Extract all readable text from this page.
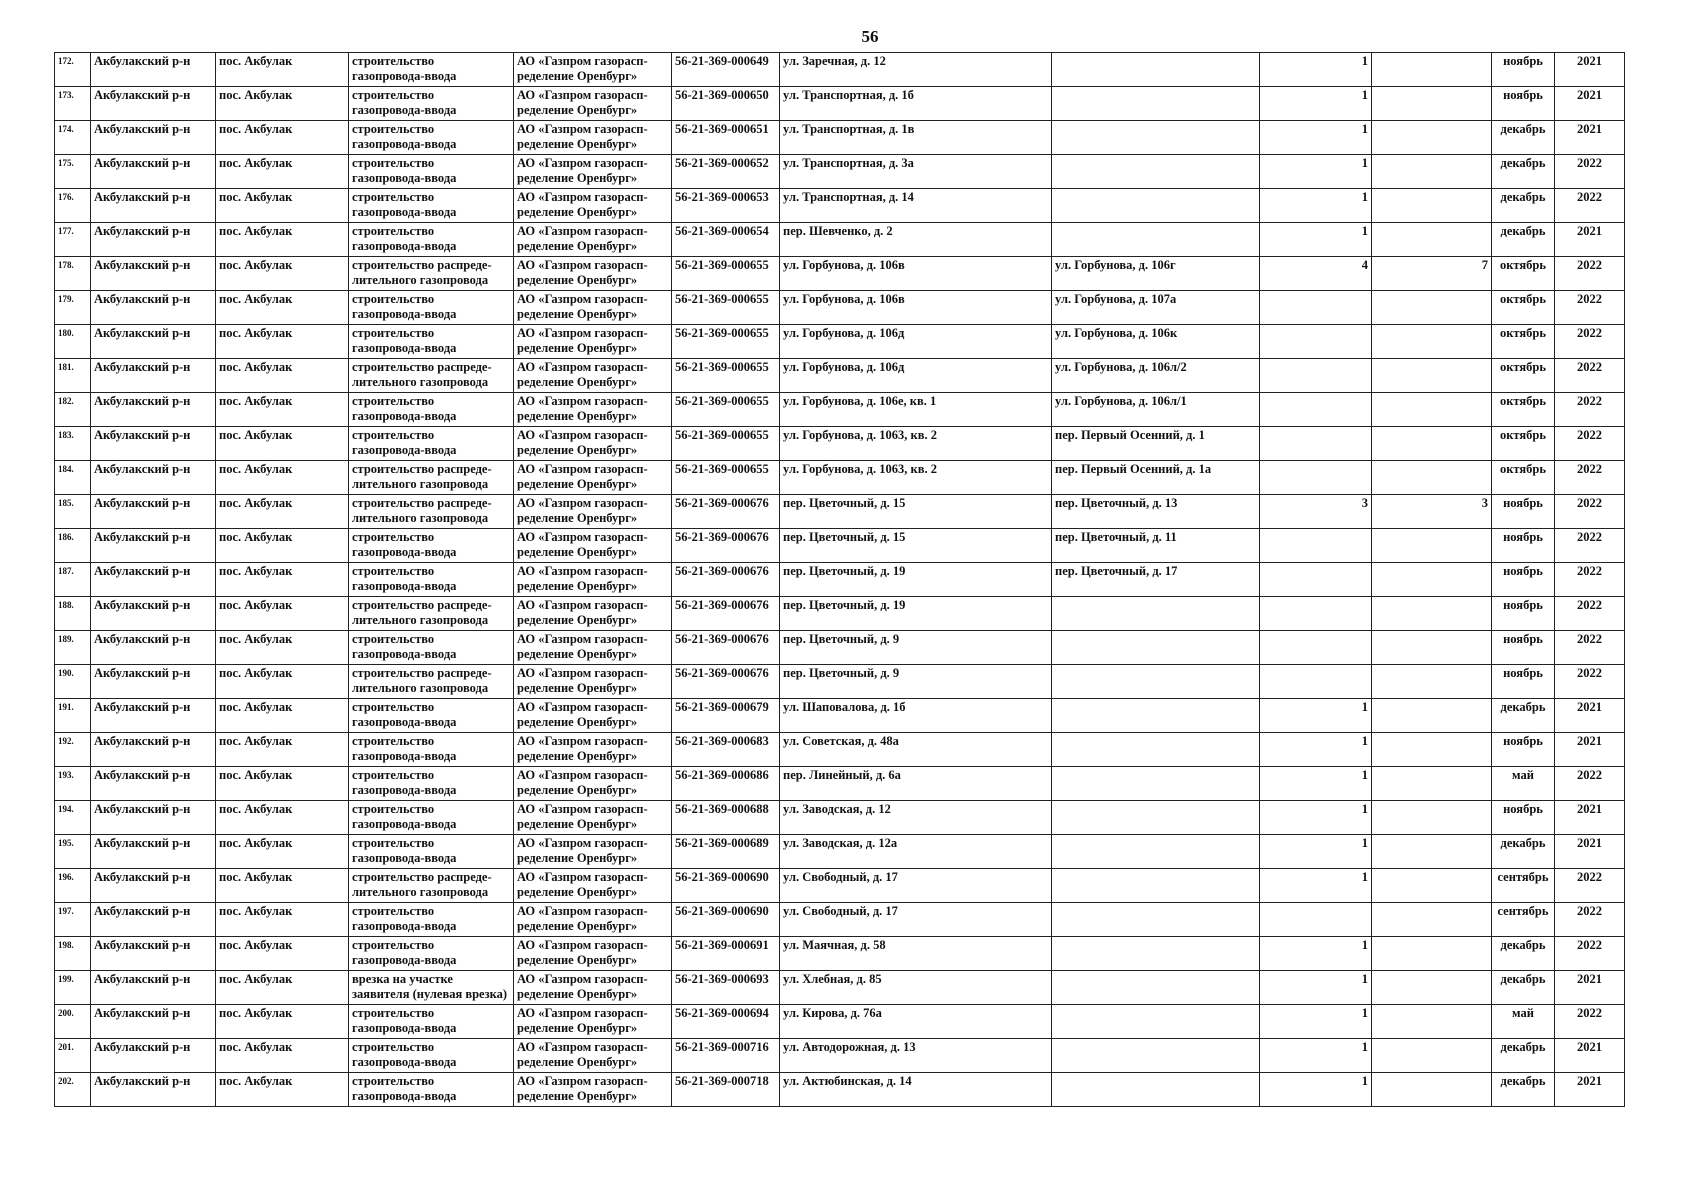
56
172.	Акбулакский р-н	пос. Акбулак	строительство
газопровода-ввода	АО «Газпром газорасп-
ределение Оренбург»	56-21-369-000649	ул. Заречная, д. 12		1		ноябрь	2021
173.	Акбулакский р-н	пос. Акбулак	строительство
газопровода-ввода	АО «Газпром газорасп-
ределение Оренбург»	56-21-369-000650	ул. Транспортная, д. 1б		1		ноябрь	2021
174.	Акбулакский р-н	пос. Акбулак	строительство
газопровода-ввода	АО «Газпром газорасп-
ределение Оренбург»	56-21-369-000651	ул. Транспортная, д. 1в		1		декабрь	2021
175.	Акбулакский р-н	пос. Акбулак	строительство
газопровода-ввода	АО «Газпром газорасп-
ределение Оренбург»	56-21-369-000652	ул. Транспортная, д. 3а		1		декабрь	2022
176.	Акбулакский р-н	пос. Акбулак	строительство
газопровода-ввода	АО «Газпром газорасп-
ределение Оренбург»	56-21-369-000653	ул. Транспортная, д. 14		1		декабрь	2022
177.	Акбулакский р-н	пос. Акбулак	строительство
газопровода-ввода	АО «Газпром газорасп-
ределение Оренбург»	56-21-369-000654	пер. Шевченко, д. 2		1		декабрь	2021
178.	Акбулакский р-н	пос. Акбулак	строительство распреде-
лительного газопровода	АО «Газпром газорасп-
ределение Оренбург»	56-21-369-000655	ул. Горбунова, д. 106в	ул. Горбунова, д. 106г	4	7	октябрь	2022
179.	Акбулакский р-н	пос. Акбулак	строительство
газопровода-ввода	АО «Газпром газорасп-
ределение Оренбург»	56-21-369-000655	ул. Горбунова, д. 106в	ул. Горбунова, д. 107а			октябрь	2022
180.	Акбулакский р-н	пос. Акбулак	строительство
газопровода-ввода	АО «Газпром газорасп-
ределение Оренбург»	56-21-369-000655	ул. Горбунова, д. 106д	ул. Горбунова, д. 106к			октябрь	2022
181.	Акбулакский р-н	пос. Акбулак	строительство распреде-
лительного газопровода	АО «Газпром газорасп-
ределение Оренбург»	56-21-369-000655	ул. Горбунова, д. 106д	ул. Горбунова, д. 106л/2			октябрь	2022
182.	Акбулакский р-н	пос. Акбулак	строительство
газопровода-ввода	АО «Газпром газорасп-
ределение Оренбург»	56-21-369-000655	ул. Горбунова, д. 106е, кв. 1	ул. Горбунова, д. 106л/1			октябрь	2022
183.	Акбулакский р-н	пос. Акбулак	строительство
газопровода-ввода	АО «Газпром газорасп-
ределение Оренбург»	56-21-369-000655	ул. Горбунова, д. 1063, кв. 2	пер. Первый Осенний, д. 1			октябрь	2022
184.	Акбулакский р-н	пос. Акбулак	строительство распреде-
лительного газопровода	АО «Газпром газорасп-
ределение Оренбург»	56-21-369-000655	ул. Горбунова, д. 1063, кв. 2	пер. Первый Осенний, д. 1а			октябрь	2022
185.	Акбулакский р-н	пос. Акбулак	строительство распреде-
лительного газопровода	АО «Газпром газорасп-
ределение Оренбург»	56-21-369-000676	пер. Цветочный, д. 15	пер. Цветочный, д. 13	3	3	ноябрь	2022
186.	Акбулакский р-н	пос. Акбулак	строительство
газопровода-ввода	АО «Газпром газорасп-
ределение Оренбург»	56-21-369-000676	пер. Цветочный, д. 15	пер. Цветочный, д. 11			ноябрь	2022
187.	Акбулакский р-н	пос. Акбулак	строительство
газопровода-ввода	АО «Газпром газорасп-
ределение Оренбург»	56-21-369-000676	пер. Цветочный, д. 19	пер. Цветочный, д. 17			ноябрь	2022
188.	Акбулакский р-н	пос. Акбулак	строительство распреде-
лительного газопровода	АО «Газпром газорасп-
ределение Оренбург»	56-21-369-000676	пер. Цветочный, д. 19				ноябрь	2022
189.	Акбулакский р-н	пос. Акбулак	строительство
газопровода-ввода	АО «Газпром газорасп-
ределение Оренбург»	56-21-369-000676	пер. Цветочный, д. 9				ноябрь	2022
190.	Акбулакский р-н	пос. Акбулак	строительство распреде-
лительного газопровода	АО «Газпром газорасп-
ределение Оренбург»	56-21-369-000676	пер. Цветочный, д. 9				ноябрь	2022
191.	Акбулакский р-н	пос. Акбулак	строительство
газопровода-ввода	АО «Газпром газорасп-
ределение Оренбург»	56-21-369-000679	ул. Шаповалова, д. 1б		1		декабрь	2021
192.	Акбулакский р-н	пос. Акбулак	строительство
газопровода-ввода	АО «Газпром газорасп-
ределение Оренбург»	56-21-369-000683	ул. Советская, д. 48а		1		ноябрь	2021
193.	Акбулакский р-н	пос. Акбулак	строительство
газопровода-ввода	АО «Газпром газорасп-
ределение Оренбург»	56-21-369-000686	пер. Линейный, д. 6а		1		май	2022
194.	Акбулакский р-н	пос. Акбулак	строительство
газопровода-ввода	АО «Газпром газорасп-
ределение Оренбург»	56-21-369-000688	ул. Заводская, д. 12		1		ноябрь	2021
195.	Акбулакский р-н	пос. Акбулак	строительство
газопровода-ввода	АО «Газпром газорасп-
ределение Оренбург»	56-21-369-000689	ул. Заводская, д. 12а		1		декабрь	2021
196.	Акбулакский р-н	пос. Акбулак	строительство распреде-
лительного газопровода	АО «Газпром газорасп-
ределение Оренбург»	56-21-369-000690	ул. Свободный, д. 17		1		сентябрь	2022
197.	Акбулакский р-н	пос. Акбулак	строительство
газопровода-ввода	АО «Газпром газорасп-
ределение Оренбург»	56-21-369-000690	ул. Свободный, д. 17				сентябрь	2022
198.	Акбулакский р-н	пос. Акбулак	строительство
газопровода-ввода	АО «Газпром газорасп-
ределение Оренбург»	56-21-369-000691	ул. Маячная, д. 58		1		декабрь	2022
199.	Акбулакский р-н	пос. Акбулак	врезка на участке
заявителя (нулевая врезка)	АО «Газпром газорасп-
ределение Оренбург»	56-21-369-000693	ул. Хлебная, д. 85		1		декабрь	2021
200.	Акбулакский р-н	пос. Акбулак	строительство
газопровода-ввода	АО «Газпром газорасп-
ределение Оренбург»	56-21-369-000694	ул. Кирова, д. 76а		1		май	2022
201.	Акбулакский р-н	пос. Акбулак	строительство
газопровода-ввода	АО «Газпром газорасп-
ределение Оренбург»	56-21-369-000716	ул. Автодорожная, д. 13		1		декабрь	2021
202.	Акбулакский р-н	пос. Акбулак	строительство
газопровода-ввода	АО «Газпром газорасп-
ределение Оренбург»	56-21-369-000718	ул. Актюбинская, д. 14		1		декабрь	2021
